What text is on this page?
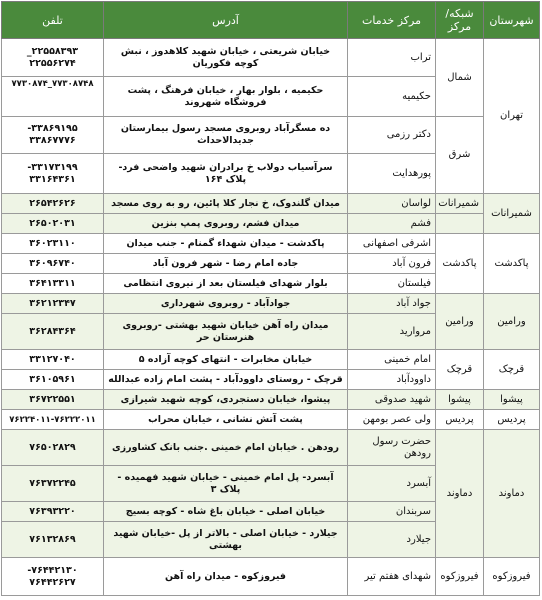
شهرستان	شبکه/ مرکز	مرکز خدمات	آدرس	تلفن
تهران	شمال	تراب	خیابان شریعتی ، خیابان شهید کلاهدوز ، نبش کوچه فکوریان	_۲۲۵۵۸۳۹۳
۲۲۵۵۶۲۷۴
		حکیمیه	حکیمیه ، بلوار بهار ، خیابان فرهنگ ، پشت فروشگاه شهروند	۷۷۳۰۸۷۴_۷۷۳۰۸۷۴۸
	شرق	دکتر رزمی	ده مسگرآباد روبروی مسجد رسول بیمارستان جدیدالاحداث	-۳۳۸۶۹۱۹۵
۳۳۸۶۷۷۷۶
		پورهدایت	سرآسیاب دولاب خ برادران شهید واضحی فرد- پلاک ۱۶۴	-۳۳۱۷۳۱۹۹
۳۳۱۶۴۳۶۱
شمیرانات	شمیرانات	لواسان	میدان گلندوک، خ نجار کلا پائین، رو به روی مسجد	۲۶۵۴۲۶۲۶
		فشم	میدان فشم، روبروی پمپ بنزین	۲۶۵۰۲۰۳۱
پاکدشت	پاکدشت	اشرفی اصفهانی	پاکدشت - میدان شهداء گمنام - جنب میدان	۳۶۰۲۳۱۱۰
		فرون آباد	جاده امام رضا - شهر فرون آباد	۳۶۰۹۶۷۴۰
		فیلستان	بلوار شهدای فیلستان بعد از نیروی انتظامی	۳۶۴۱۳۳۱۱
ورامین	ورامین	جواد آباد	جوادآباد - روبروی شهرداری	۳۶۲۱۲۳۴۷
		مروارید	میدان راه آهن خیابان شهید بهشتی -روبروی هنرستان حر	۳۶۲۸۴۳۶۴
قرچک	قرچک	امام خمینی	خیابان مخابرات - انتهای کوچه آزاده ۵	۳۳۱۲۷۰۴۰
		داوودآباد	قرچک - روستای داوودآباد - پشت امام زاده عبدالله	۳۶۱۰۵۹۶۱
پیشوا	پیشوا	شهید صدوقی	پیشوا، خیابان دستجردی، کوچه شهید شیرازی	۳۶۷۲۲۵۵۱
پردیس	پردیس	ولی عصر بومهن	پشت آتش نشانی ، خیابان محراب	۷۶۲۲۴۰۱۱-۷۶۲۲۲۰۱۱
دماوند	دماوند	حضرت رسول رودهن	رودهن . خیابان امام خمینی .جنب بانک کشاورزی	۷۶۵۰۲۸۲۹
		آبسرد	آبسرد- پل امام خمینی - خیابان شهید فهمیده - پلاک ۳	۷۶۳۷۲۲۴۵
		سربندان	خیابان اصلی - خیابان باغ شاه - کوچه بسیج	۷۶۳۹۳۲۲۰
		جیلارد	جیلارد - خیابان اصلی - بالاتر از پل -خیابان شهید بهشتی	۷۶۱۳۲۸۶۹
فیروزکوه	فیروزکوه	شهدای هفتم تیر	فیروزکوه - میدان راه آهن	-۷۶۴۴۲۱۳۰
۷۶۴۴۲۶۲۷
